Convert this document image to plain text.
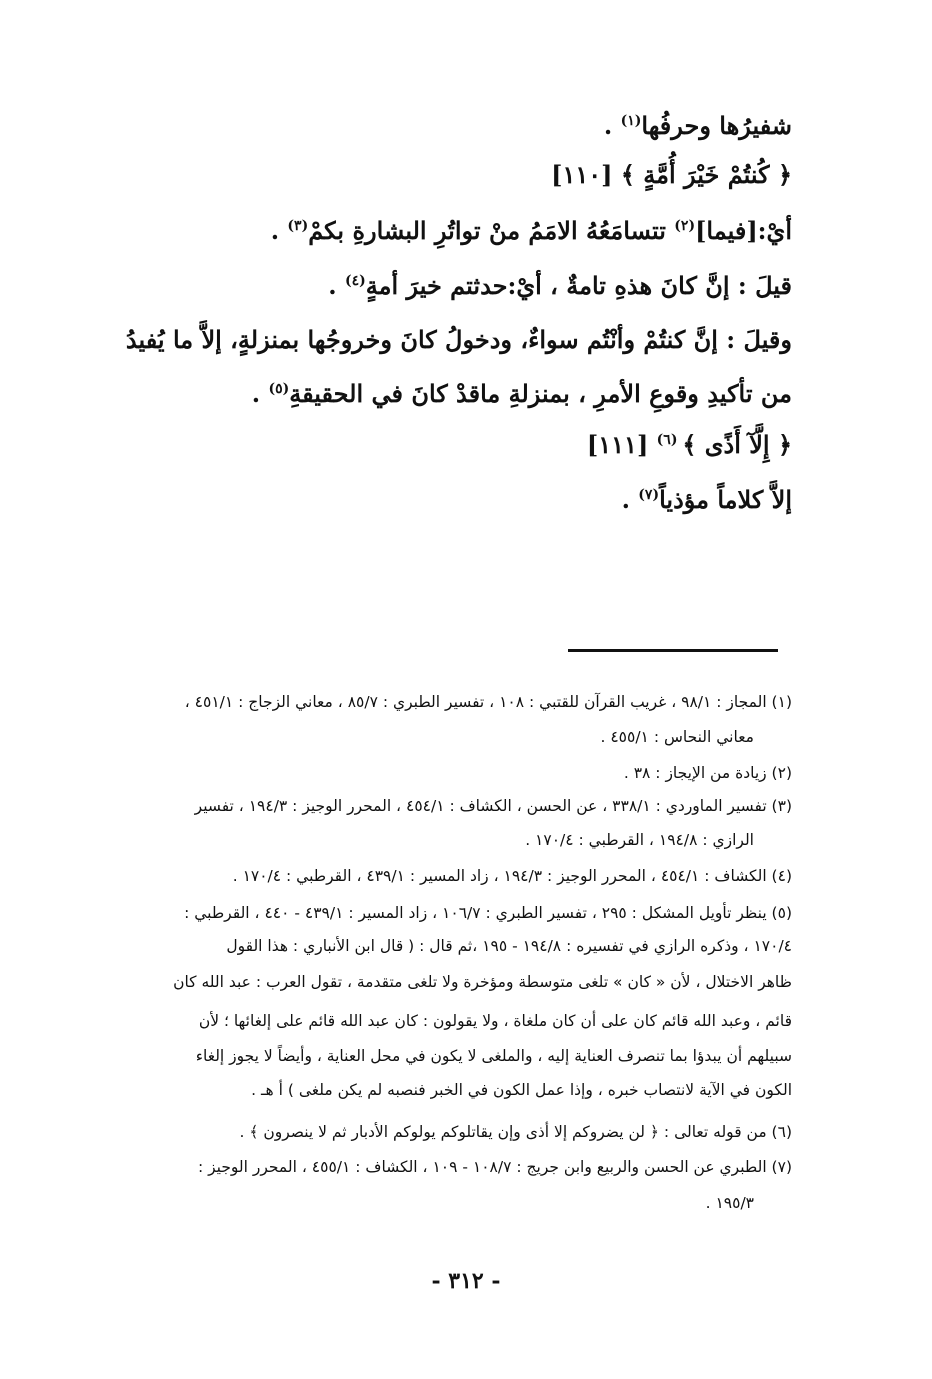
شفيرُها وحرفُها$^{(١)}$ .
﴿ كُنتُمْ خَيْرَ أُمَّةٍ ﴾ [١١٠]
أيْ:[فيما]$^{(٢)}$ تتسامَعُهُ الامَمُ منْ تواتُرِ البشارةِ بكمْ$^{(٣)}$ .
قيلَ : إنَّ كانَ هذهِ تامةٌ ، أيْ:حدثتم خيرَ أمةٍ$^{(٤)}$ .
وقيلَ : إنَّ كنتُمْ وأنْتُم سواءٌ، ودخولُ كانَ وخروجُها بمنزلةٍ، إلاَّ ما يُفيدُ
من تأكيدِ وقوعِ الأمرِ ، بمنزلةِ ماقدْ كانَ في الحقيقةِ$^{(٥)}$ .
﴿ إِلَّآ أَذًى ﴾ $^{(٦)}$ [١١١]
إلاَّ كلاماً مؤذياً$^{(٧)}$ .
(١) المجاز : ٩٨/١ ، غريب القرآن للقتبي : ١٠٨ ، تفسير الطبري : ٨٥/٧ ، معاني الزجاج : ٤٥١/١ ،
معاني النحاس : ٤٥٥/١ .
(٢) زيادة من الإيجاز : ٣٨ .
(٣) تفسير الماوردي : ٣٣٨/١ ، عن الحسن ، الكشاف : ٤٥٤/١ ، المحرر الوجيز : ١٩٤/٣ ، تفسير
الرازي : ١٩٤/٨ ، القرطبي : ١٧٠/٤ .
(٤) الكشاف : ٤٥٤/١ ، المحرر الوجيز : ١٩٤/٣ ، زاد المسير : ٤٣٩/١ ، القرطبي : ١٧٠/٤ .
(٥) ينظر تأويل المشكل : ٢٩٥ ، تفسير الطبري : ١٠٦/٧ ، زاد المسير : ٤٣٩/١ - ٤٤٠ ، القرطبي :
١٧٠/٤ ، وذكره الرازي في تفسيره : ١٩٤/٨ - ١٩٥ ،ثم قال : ( قال ابن الأنباري : هذا القول
ظاهر الاختلال ، لأن « كان » تلغى متوسطة ومؤخرة ولا تلغى متقدمة ، تقول العرب : عبد الله كان
قائم ، وعبد الله قائم كان على أن كان ملغاة ، ولا يقولون : كان عبد الله قائم على إلغائها ؛ لأن
سبيلهم أن يبدؤا بما تنصرف العناية إليه ، والملغى لا يكون في محل العناية ، وأيضاً لا يجوز إلغاء
الكون في الآية لانتصاب خبره ، وإذا عمل الكون في الخبر فنصبه لم يكن ملغى ) أ هـ .
(٦) من قوله تعالى : ﴿ لن يضروكم إلا أذى وإن يقاتلوكم يولوكم الأدبار ثم لا ينصرون ﴾ .
(٧) الطبري عن الحسن والربيع وابن جريج : ١٠٨/٧ - ١٠٩ ، الكشاف : ٤٥٥/١ ، المحرر الوجيز :
١٩٥/٣ .
- ٣١٢ -
